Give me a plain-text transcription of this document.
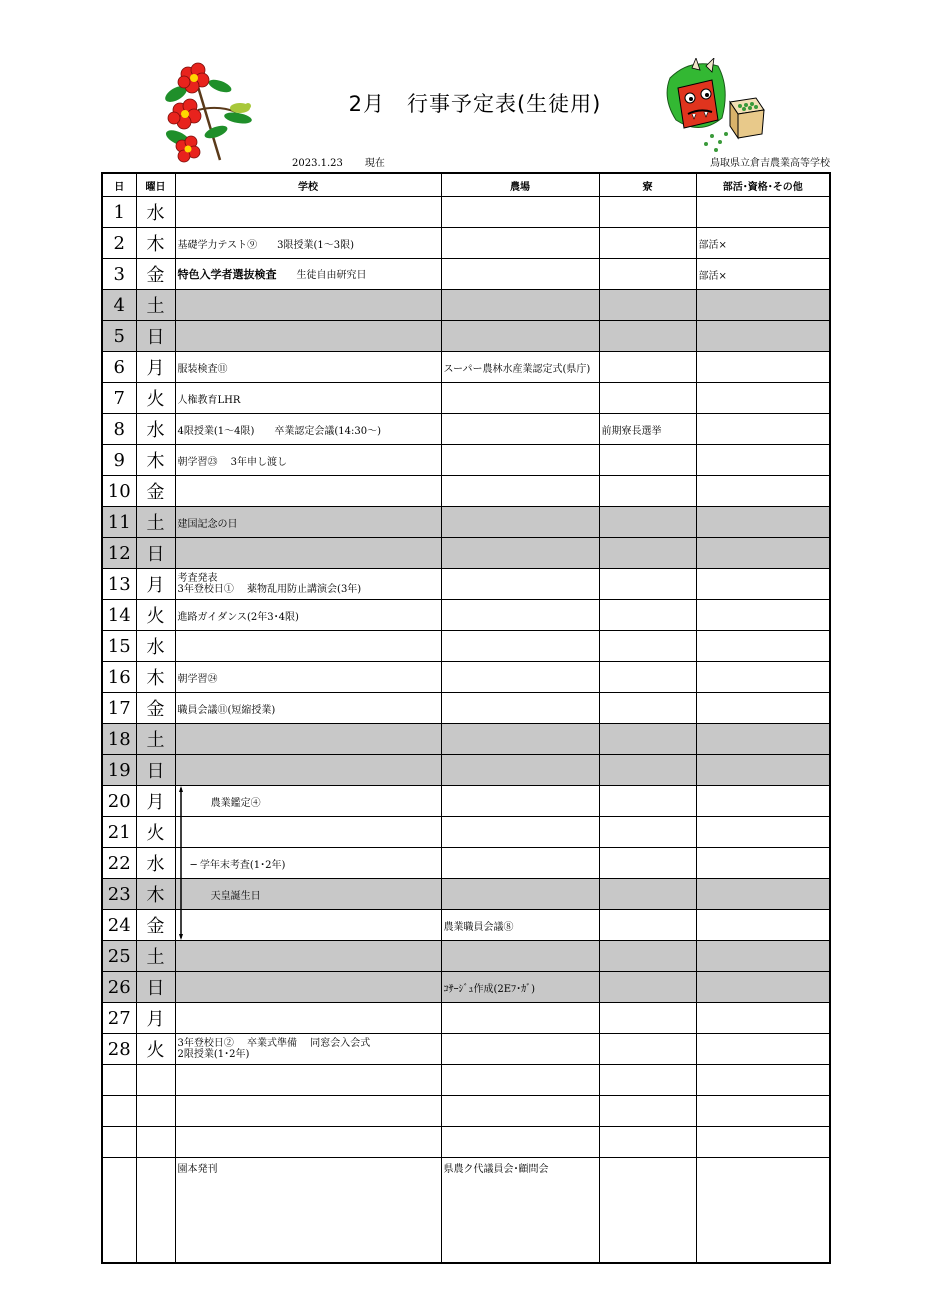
2月　行事予定表(生徒用)
2023.1.23 現在	鳥取県立倉吉農業高等学校
日	曜日	学校	農場	寮	部活･資格･その他
1	水				
2	木	基礎学力テスト⑨　　3限授業(1～3限)			部活×
3	金	特色入学者選抜検査　　生徒自由研究日			部活×
4	土				
5	日				
6	月	服装検査⑪	スーパー農林水産業認定式(県庁)		
7	火	人権教育LHR			
8	水	4限授業(1～4限)　　卒業認定会議(14:30～)		前期寮長選挙	
9	木	朝学習㉓　 3年申し渡し			
10	金				
11	土	建国記念の日			
12	日				
13	月	考査発表
3年登校日①　 薬物乱用防止講演会(3年)			

14	火	進路ガイダンス(2年3･4限)			
15	水				
16	木	朝学習㉔			
17	金	職員会議⑪(短縮授業)			
18	土				
19	日				
20	月	　　　 農業鑑定④			
21	火				
22	水	　 ─ 学年末考査(1･2年)			
23	木	　　　 天皇誕生日			
24	金		農業職員会議⑧		
25	土				
26	日		ｺｻｰｼﾞｭ作成(2Eﾌ･ｶﾞ)		
27	月				
28	火	3年登校日②　 卒業式準備　 同窓会入会式
2限授業(1･2年)			

		園本発刊	県農ク代議員会･顧問会		
